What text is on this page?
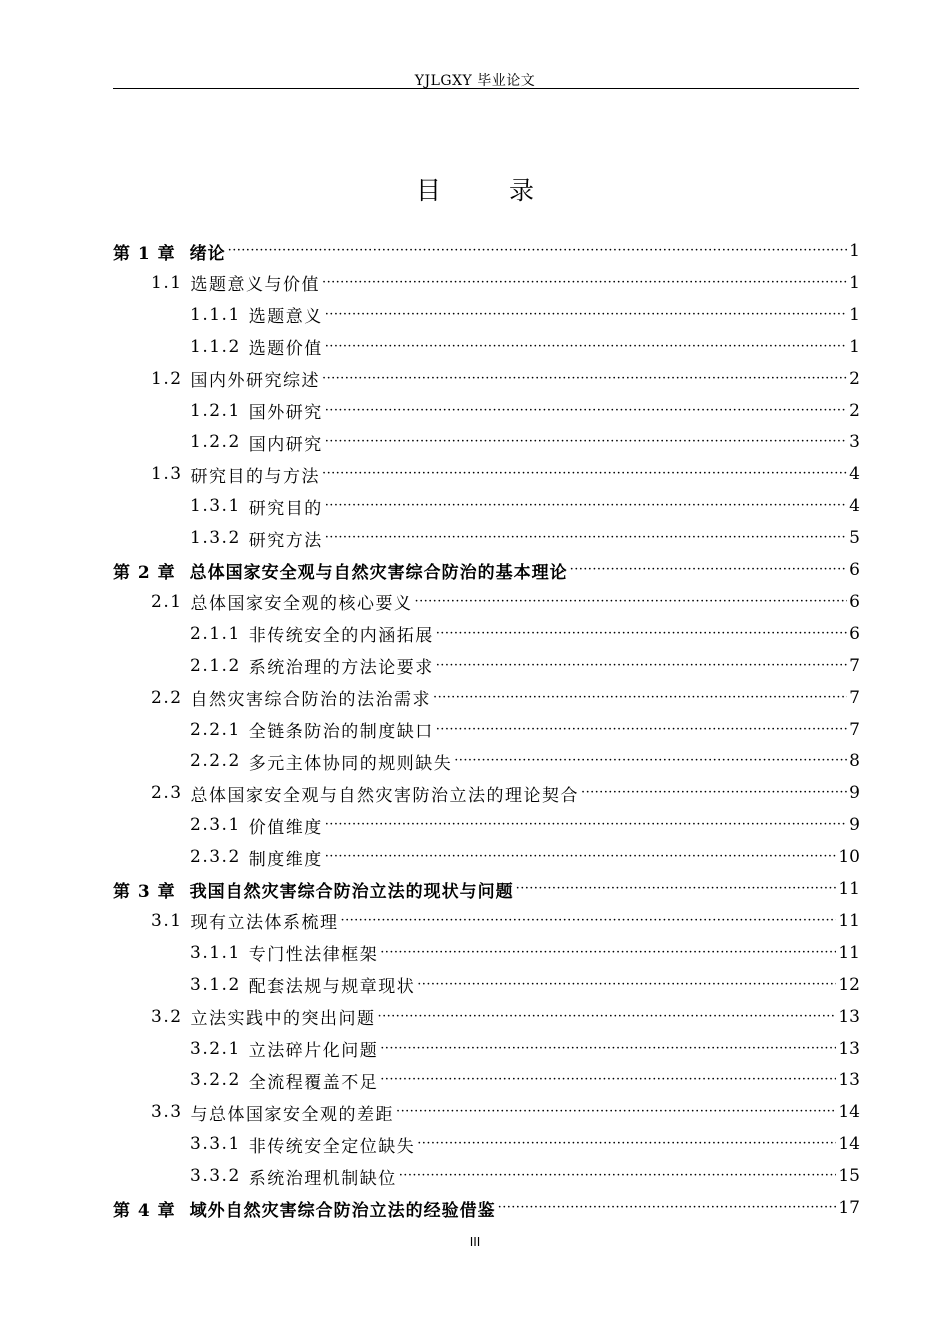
YJLGXY 毕业论文
目 录
第 1 章 绪论 ·····	1
1.1 选题意义与价值 ·····	1
1.1.1 选题意义 ·····	1
1.1.2 选题价值 ·····	1
1.2 国内外研究综述 ·····	2
1.2.1 国外研究 ·····	2
1.2.2 国内研究 ·····	3
1.3 研究目的与方法 ·····	4
1.3.1 研究目的 ·····	4
1.3.2 研究方法 ·····	5
第 2 章 总体国家安全观与自然灾害综合防治的基本理论 ·····	6
2.1 总体国家安全观的核心要义 ·····	6
2.1.1 非传统安全的内涵拓展 ·····	6
2.1.2 系统治理的方法论要求 ·····	7
2.2 自然灾害综合防治的法治需求 ·····	7
2.2.1 全链条防治的制度缺口 ·····	7
2.2.2 多元主体协同的规则缺失 ·····	8
2.3 总体国家安全观与自然灾害防治立法的理论契合 ·····	9
2.3.1 价值维度 ·····	9
2.3.2 制度维度 ·····	10
第 3 章 我国自然灾害综合防治立法的现状与问题 ·····	11
3.1 现有立法体系梳理 ·····	11
3.1.1 专门性法律框架 ·····	11
3.1.2 配套法规与规章现状 ·····	12
3.2 立法实践中的突出问题 ·····	13
3.2.1 立法碎片化问题 ·····	13
3.2.2 全流程覆盖不足 ·····	13
3.3 与总体国家安全观的差距 ·····	14
3.3.1 非传统安全定位缺失 ·····	14
3.3.2 系统治理机制缺位 ·····	15
第 4 章 域外自然灾害综合防治立法的经验借鉴 ·····	17
III
